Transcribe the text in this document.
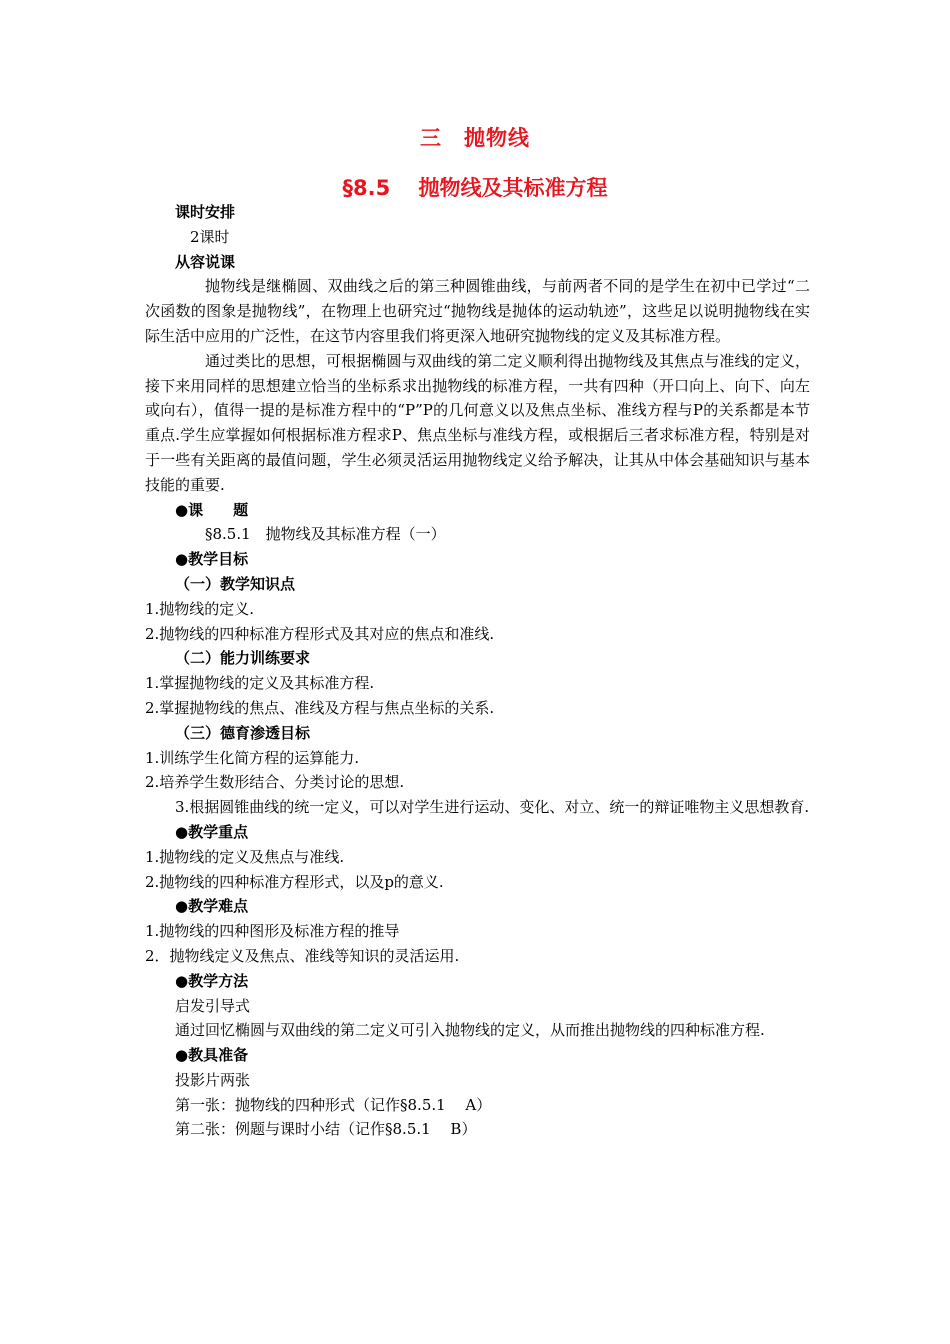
三　抛物线
§8.5　 抛物线及其标准方程
课时安排
2课时
从容说课
抛物线是继椭圆、双曲线之后的第三种圆锥曲线，与前两者不同的是学生在初中已学过“二次函数的图象是抛物线”，在物理上也研究过“抛物线是抛体的运动轨迹”，这些足以说明抛物线在实际生活中应用的广泛性，在这节内容里我们将更深入地研究抛物线的定义及其标准方程。
通过类比的思想，可根据椭圆与双曲线的第二定义顺利得出抛物线及其焦点与准线的定义，接下来用同样的思想建立恰当的坐标系求出抛物线的标准方程，一共有四种（开口向上、向下、向左或向右），值得一提的是标准方程中的“P”P的几何意义以及焦点坐标、准线方程与P的关系都是本节重点.学生应掌握如何根据标准方程求P、焦点坐标与准线方程，或根据后三者求标准方程，特别是对于一些有关距离的最值问题，学生必须灵活运用抛物线定义给予解决，让其从中体会基础知识与基本技能的重要.
● 课　　题
§8.5.1　抛物线及其标准方程（一）
● 教学目标
（一）教学知识点
1.抛物线的定义.
2.抛物线的四种标准方程形式及其对应的焦点和准线.
（二）能力训练要求
1.掌握抛物线的定义及其标准方程.
2.掌握抛物线的焦点、准线及方程与焦点坐标的关系.
（三）德育渗透目标
1.训练学生化简方程的运算能力.
2.培养学生数形结合、分类讨论的思想.
3.根据圆锥曲线的统一定义，可以对学生进行运动、变化、对立、统一的辩证唯物主义思想教育.
● 教学重点
1.抛物线的定义及焦点与准线.
2.抛物线的四种标准方程形式，以及p的意义.
● 教学难点
1.抛物线的四种图形及标准方程的推导
2．抛物线定义及焦点、准线等知识的灵活运用.
● 教学方法
启发引导式
通过回忆椭圆与双曲线的第二定义可引入抛物线的定义，从而推出抛物线的四种标准方程.
● 教具准备
投影片两张
第一张：抛物线的四种形式（记作§8.5.1　 A）
第二张：例题与课时小结（记作§8.5.1　 B）
